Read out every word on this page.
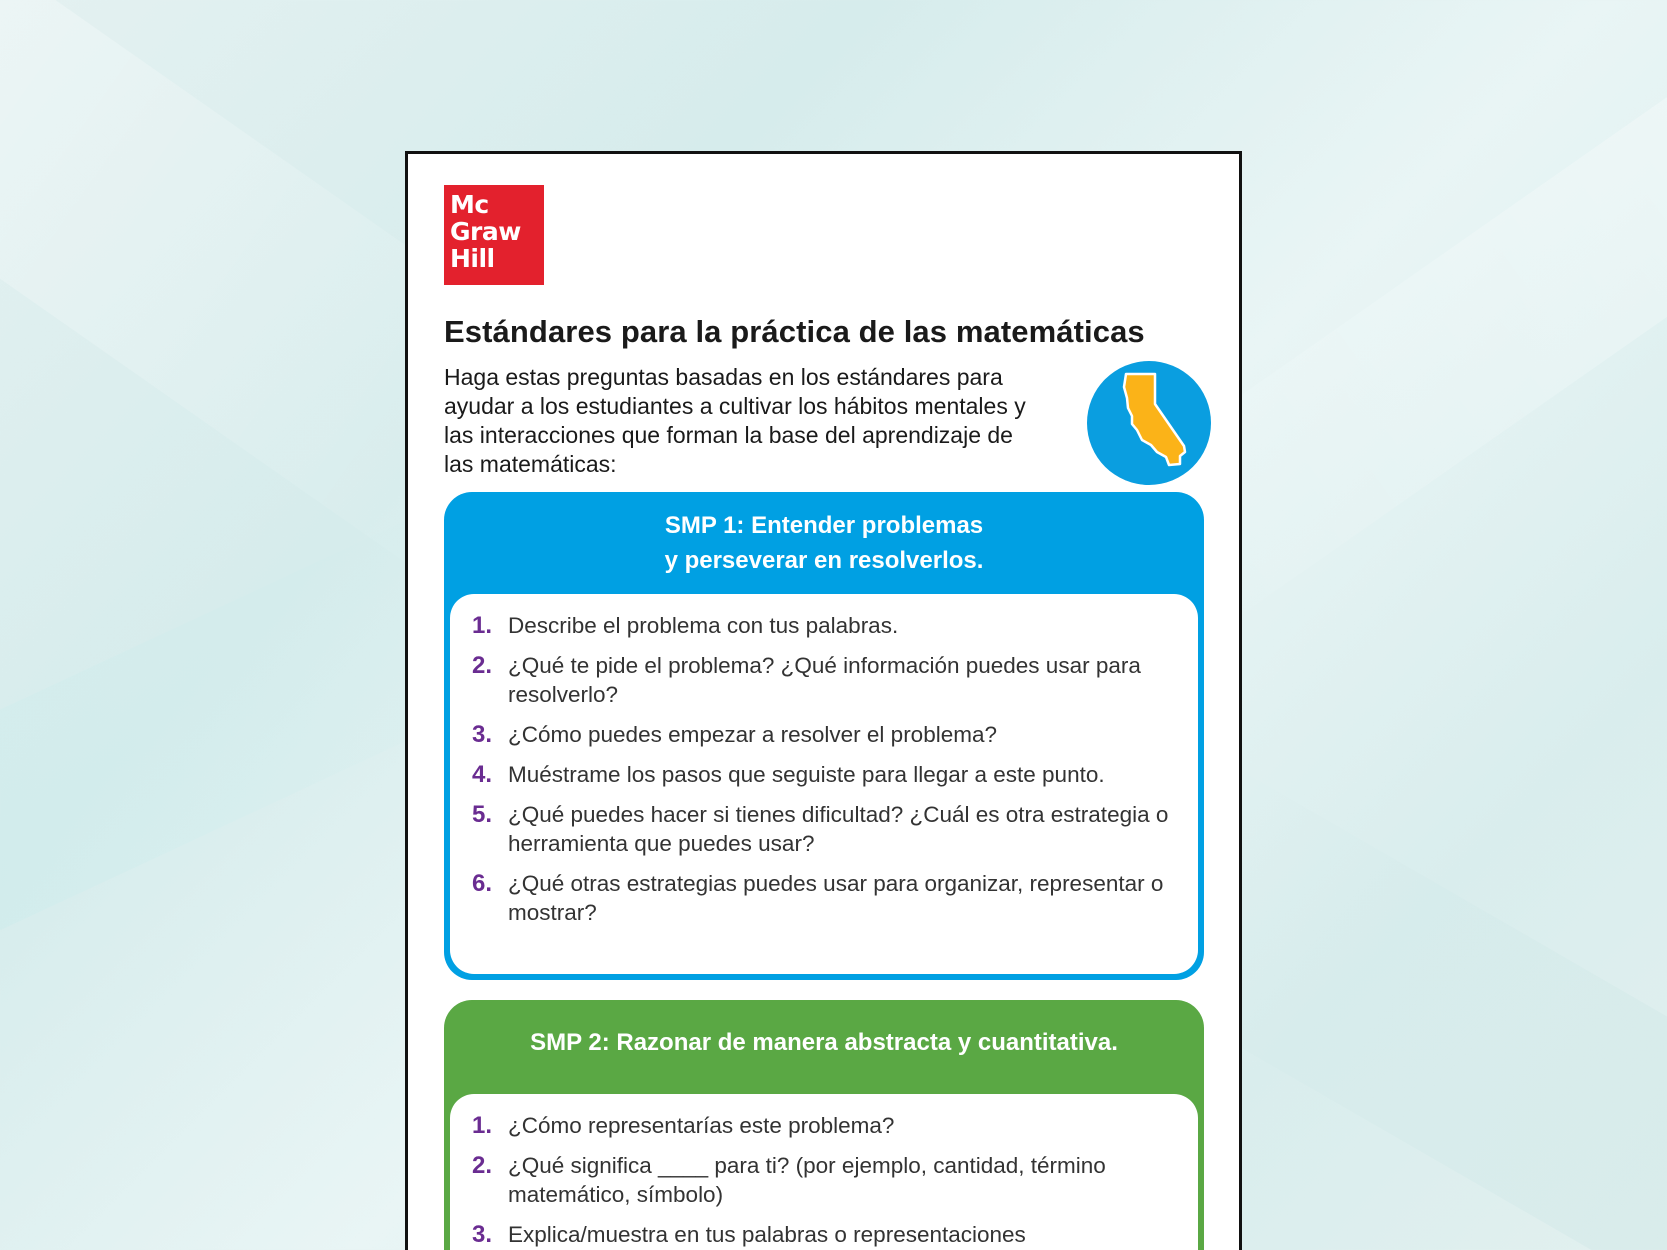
Mc
Graw
Hill
Estándares para la práctica de las matemáticas

Haga estas preguntas basadas en los estándares para ayudar a los estudiantes a cultivar los hábitos mentales y las interacciones que forman la base del aprendizaje de las matemáticas:

SMP 1: Entender problemas
y perseverar en resolverlos.
1. Describe el problema con tus palabras.
2. ¿Qué te pide el problema? ¿Qué información puedes usar para resolverlo?
3. ¿Cómo puedes empezar a resolver el problema?
4. Muéstrame los pasos que seguiste para llegar a este punto.
5. ¿Qué puedes hacer si tienes dificultad? ¿Cuál es otra estrategia o herramienta que puedes usar?
6. ¿Qué otras estrategias puedes usar para organizar, representar o mostrar?
SMP 2: Razonar de manera abstracta y cuantitativa.
1. ¿Cómo representarías este problema?
2. ¿Qué significa ____ para ti? (por ejemplo, cantidad, término matemático, símbolo)
3. Explica/muestra en tus palabras o representaciones
